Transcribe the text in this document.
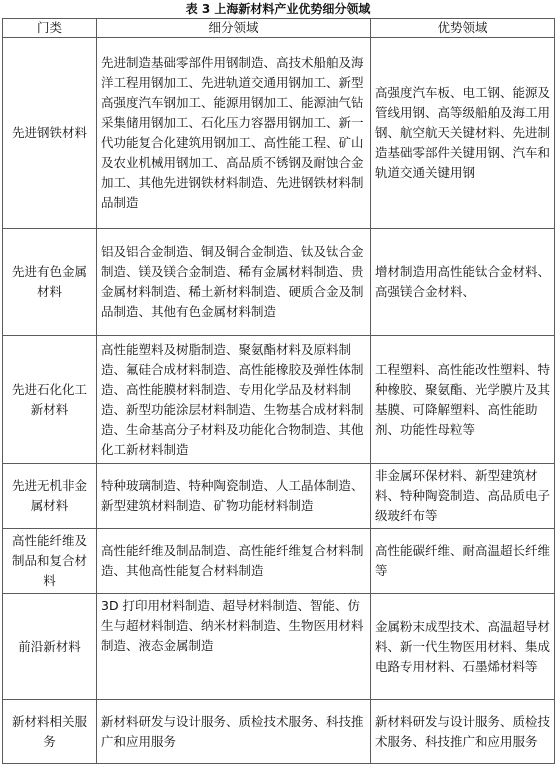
表 3 上海新材料产业优势细分领域
门类	细分领域	优势领域
先进钢铁材料	先进制造基础零部件用钢制造、高技术船舶及海洋工程用钢加工、先进轨道交通用钢加工、新型高强度汽车钢加工、能源用钢加工、能源油气钻采集储用钢加工、石化压力容器用钢加工、新一代功能复合化建筑用钢加工、高性能工程、矿山及农业机械用钢加工、高品质不锈钢及耐蚀合金加工、其他先进钢铁材料制造、先进钢铁材料制品制造	高强度汽车板、电工钢、能源及管线用钢、高等级船舶及海工用钢、航空航天关键材料、先进制造基础零部件关键用钢、汽车和轨道交通关键用钢
先进有色金属材料	铝及铝合金制造、铜及铜合金制造、钛及钛合金制造、镁及镁合金制造、稀有金属材料制造、贵金属材料制造、稀土新材料制造、硬质合金及制品制造、其他有色金属材料制造	增材制造用高性能钛合金材料、高强镁合金材料、
先进石化化工新材料	高性能塑料及树脂制造、聚氨酯材料及原料制造、氟硅合成材料制造、高性能橡胶及弹性体制造、高性能膜材料制造、专用化学品及材料制造、新型功能涂层材料制造、生物基合成材料制造、生命基高分子材料及功能化合物制造、其他化工新材料制造	工程塑料、高性能改性塑料、特种橡胶、聚氨酯、光学膜片及其基膜、可降解塑料、高性能助剂、功能性母粒等
先进无机非金属材料	特种玻璃制造、特种陶瓷制造、人工晶体制造、新型建筑材料制造、矿物功能材料制造	非金属环保材料、新型建筑材料、特种陶瓷制造、高品质电子级玻纤布等
高性能纤维及制品和复合材料	高性能纤维及制品制造、高性能纤维复合材料制造、其他高性能复合材料制造	高性能碳纤维、耐高温超长纤维等
前沿新材料	3D 打印用材料制造、超导材料制造、智能、仿生与超材料制造、纳米材料制造、生物医用材料制造、液态金属制造	金属粉末成型技术、高温超导材料、新一代生物医用材料、集成电路专用材料、石墨烯材料等
新材料相关服务	新材料研发与设计服务、质检技术服务、科技推广和应用服务	新材料研发与设计服务、质检技术服务、科技推广和应用服务
